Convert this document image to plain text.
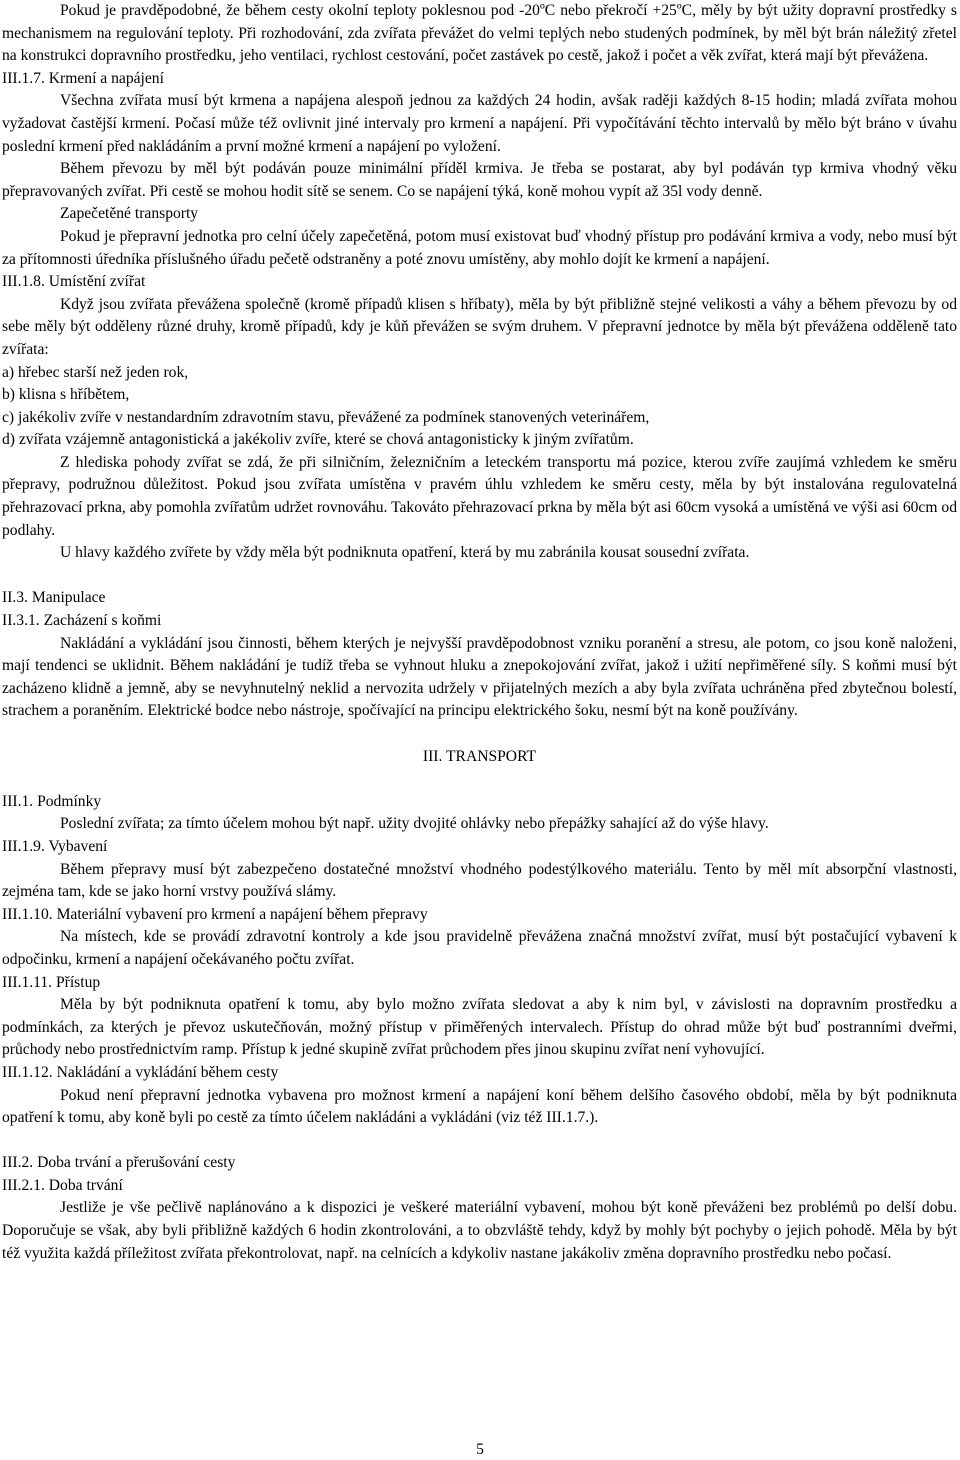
Pokud je pravděpodobné, že během cesty okolní teploty poklesnou pod -20ºC nebo překročí +25ºC, měly by být užity dopravní prostředky s mechanismem na regulování teploty. Při rozhodování, zda zvířata převážet do velmi teplých nebo studených podmínek, by měl být brán náležitý zřetel na konstrukci dopravního prostředku, jeho ventilaci, rychlost cestování, počet zastávek po cestě, jakož i počet a věk zvířat, která mají být převážena.

III.1.7. Krmení a napájení

Všechna zvířata musí být krmena a napájena alespoň jednou za každých 24 hodin, avšak raději každých 8-15 hodin; mladá zvířata mohou vyžadovat častější krmení. Počasí může též ovlivnit jiné intervaly pro krmení a napájení. Při vypočítávání těchto intervalů by mělo být bráno v úvahu poslední krmení před nakládáním a první možné krmení a napájení po vyložení.

Během převozu by měl být podáván pouze minimální příděl krmiva. Je třeba se postarat, aby byl podáván typ krmiva vhodný věku přepravovaných zvířat. Při cestě se mohou hodit sítě se senem. Co se napájení týká, koně mohou vypít až 35l vody denně.

Zapečetěné transporty

Pokud je přepravní jednotka pro celní účely zapečetěná, potom musí existovat buď vhodný přístup pro podávání krmiva a vody, nebo musí být za přítomnosti úředníka příslušného úřadu pečetě odstraněny a poté znovu umístěny, aby mohlo dojít ke krmení a napájení.

III.1.8. Umístění zvířat

Když jsou zvířata převážena společně (kromě případů klisen s hříbaty), měla by být přibližně stejné velikosti a váhy a během převozu by od sebe měly být odděleny různé druhy, kromě případů, kdy je kůň převážen se svým druhem. V přepravní jednotce by měla být převážena odděleně tato zvířata:

a) hřebec starší než jeden rok,

b) klisna s hříbětem,

c) jakékoliv zvíře v nestandardním zdravotním stavu, převážené za podmínek stanovených veterinářem,

d) zvířata vzájemně antagonistická a jakékoliv zvíře, které se chová antagonisticky k jiným zvířatům.

Z hlediska pohody zvířat se zdá, že při silničním, železničním a leteckém transportu má pozice, kterou zvíře zaujímá vzhledem ke směru přepravy, podružnou důležitost. Pokud jsou zvířata umístěna v pravém úhlu vzhledem ke směru cesty, měla by být instalována regulovatelná přehrazovací prkna, aby pomohla zvířatům udržet rovnováhu. Takováto přehrazovací prkna by měla být asi 60cm vysoká a umístěná ve výši asi 60cm od podlahy.

U hlavy každého zvířete by vždy měla být podniknuta opatření, která by mu zabránila kousat sousední zvířata.

II.3. Manipulace

II.3.1. Zacházení s koňmi

Nakládání a vykládání jsou činnosti, během kterých je nejvyšší pravděpodobnost vzniku poranění a stresu, ale potom, co jsou koně naloženi, mají tendenci se uklidnit. Během nakládání je tudíž třeba se vyhnout hluku a znepokojování zvířat, jakož i užití nepřiměřené síly. S koňmi musí být zacházeno klidně a jemně, aby se nevyhnutelný neklid a nervozita udržely v přijatelných mezích a aby byla zvířata uchráněna před zbytečnou bolestí, strachem a poraněním. Elektrické bodce nebo nástroje, spočívající na principu elektrického šoku, nesmí být na koně používány.

III. TRANSPORT

III.1. Podmínky

Poslední zvířata; za tímto účelem mohou být např. užity dvojité ohlávky nebo přepážky sahající až do výše hlavy.

III.1.9. Vybavení

Během přepravy musí být zabezpečeno dostatečné množství vhodného podestýlkového materiálu. Tento by měl mít absorpční vlastnosti, zejména tam, kde se jako horní vrstvy používá slámy.

III.1.10. Materiální vybavení pro krmení a napájení během přepravy

Na místech, kde se provádí zdravotní kontroly a kde jsou pravidelně převážena značná množství zvířat, musí být postačující vybavení k odpočinku, krmení a napájení očekávaného počtu zvířat.

III.1.11. Přístup

Měla by být podniknuta opatření k tomu, aby bylo možno zvířata sledovat a aby k nim byl, v závislosti na dopravním prostředku a podmínkách, za kterých je převoz uskutečňován, možný přístup v přiměřených intervalech. Přístup do ohrad může být buď postranními dveřmi, průchody nebo prostřednictvím ramp. Přístup k jedné skupině zvířat průchodem přes jinou skupinu zvířat není vyhovující.

III.1.12. Nakládání a vykládání během cesty

Pokud není přepravní jednotka vybavena pro možnost krmení a napájení koní během delšího časového období, měla by být podniknuta opatření k tomu, aby koně byli po cestě za tímto účelem nakládáni a vykládáni (viz též III.1.7.).

III.2. Doba trvání a přerušování cesty

III.2.1. Doba trvání

Jestliže je vše pečlivě naplánováno a k dispozici je veškeré materiální vybavení, mohou být koně převáženi bez problémů po delší dobu. Doporučuje se však, aby byli přibližně každých 6 hodin zkontrolováni, a to obzvláště tehdy, když by mohly být pochyby o jejich pohodě. Měla by být též využita každá příležitost zvířata překontrolovat, např. na celnících a kdykoliv nastane jakákoliv změna dopravního prostředku nebo počasí.

5
